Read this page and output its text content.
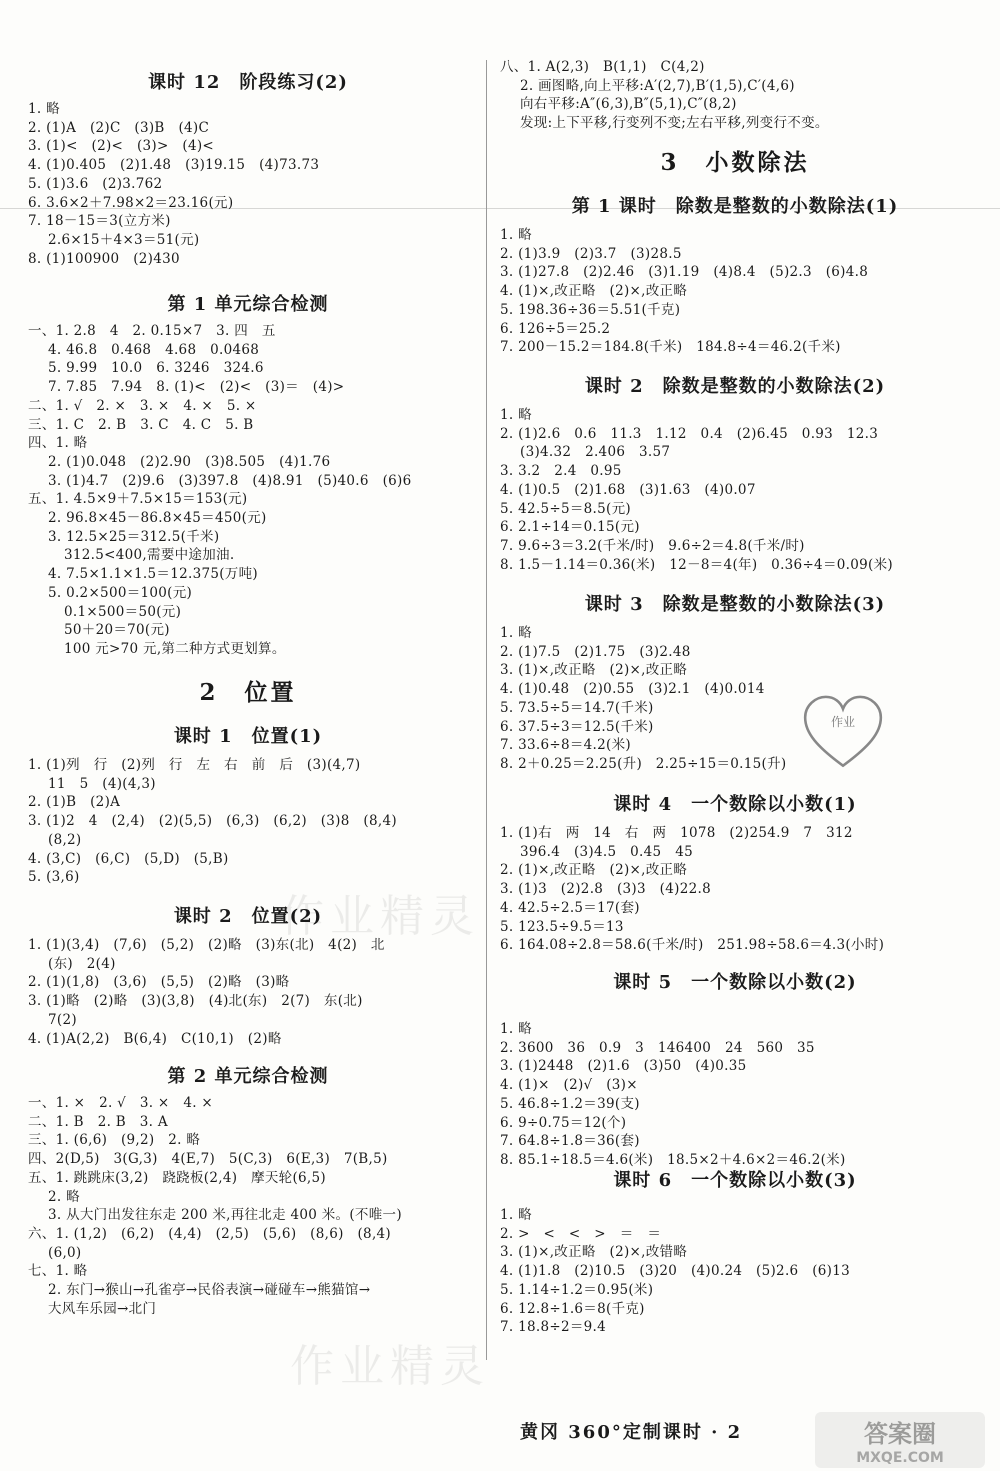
课时 12　阶段练习(2)
1. 略
2. (1)A　(2)C　(3)B　(4)C
3. (1)<　(2)<　(3)>　(4)<
4. (1)0.405　(2)1.48　(3)19.15　(4)73.73
5. (1)3.6　(2)3.762
6. 3.6×2＋7.98×2＝23.16(元)
7. 18－15＝3(立方米)
2.6×15＋4×3＝51(元)
8. (1)100900　(2)430
第 1 单元综合检测
一、1. 2.8　4　2. 0.15×7　3. 四　五
4. 46.8　0.468　4.68　0.0468
5. 9.99　10.0　6. 3246　324.6
7. 7.85　7.94　8. (1)<　(2)<　(3)＝　(4)>
二、1. √　2. ×　3. ×　4. ×　5. ×
三、1. C　2. B　3. C　4. C　5. B
四、1. 略
2. (1)0.048　(2)2.90　(3)8.505　(4)1.76
3. (1)4.7　(2)9.6　(3)397.8　(4)8.91　(5)40.6　(6)6
五、1. 4.5×9＋7.5×15＝153(元)
2. 96.8×45－86.8×45＝450(元)
3. 12.5×25＝312.5(千米)
312.5<400,需要中途加油.
4. 7.5×1.1×1.5＝12.375(万吨)
5. 0.2×500＝100(元)
0.1×500＝50(元)
50＋20＝70(元)
100 元>70 元,第二种方式更划算。
2　位置
课时 1　位置(1)
1. (1)列　行　(2)列　行　左　右　前　后　(3)(4,7)
11　5　(4)(4,3)
2. (1)B　(2)A
3. (1)2　4　(2,4)　(2)(5,5)　(6,3)　(6,2)　(3)8　(8,4)
(8,2)
4. (3,C)　(6,C)　(5,D)　(5,B)
5. (3,6)
课时 2　位置(2)
1. (1)(3,4)　(7,6)　(5,2)　(2)略　(3)东(北)　4(2)　北
(东)　2(4)
2. (1)(1,8)　(3,6)　(5,5)　(2)略　(3)略
3. (1)略　(2)略　(3)(3,8)　(4)北(东)　2(7)　东(北)
7(2)
4. (1)A(2,2)　B(6,4)　C(10,1)　(2)略
第 2 单元综合检测
一、1. ×　2. √　3. ×　4. ×
二、1. B　2. B　3. A
三、1. (6,6)　(9,2)　2. 略
四、2(D,5)　3(G,3)　4(E,7)　5(C,3)　6(E,3)　7(B,5)
五、1. 跳跳床(3,2)　跷跷板(2,4)　摩天轮(6,5)
2. 略
3. 从大门出发往东走 200 米,再往北走 400 米。(不唯一)
六、1. (1,2)　(6,2)　(4,4)　(2,5)　(5,6)　(8,6)　(8,4)
(6,0)
七、1. 略
2. 东门→猴山→孔雀亭→民俗表演→碰碰车→熊猫馆→
大风车乐园→北门
八、1. A(2,3)　B(1,1)　C(4,2)
2. 画图略,向上平移:A′(2,7),B′(1,5),C′(4,6)
向右平移:A″(6,3),B″(5,1),C″(8,2)
发现:上下平移,行变列不变;左右平移,列变行不变。
3　小数除法
第 1 课时　除数是整数的小数除法(1)
1. 略
2. (1)3.9　(2)3.7　(3)28.5
3. (1)27.8　(2)2.46　(3)1.19　(4)8.4　(5)2.3　(6)4.8
4. (1)×,改正略　(2)×,改正略
5. 198.36÷36＝5.51(千克)
6. 126÷5＝25.2
7. 200－15.2＝184.8(千米)　184.8÷4＝46.2(千米)
课时 2　除数是整数的小数除法(2)
1. 略
2. (1)2.6　0.6　11.3　1.12　0.4　(2)6.45　0.93　12.3
(3)4.32　2.406　3.57
3. 3.2　2.4　0.95
4. (1)0.5　(2)1.68　(3)1.63　(4)0.07
5. 42.5÷5＝8.5(元)
6. 2.1÷14＝0.15(元)
7. 9.6÷3＝3.2(千米/时)　9.6÷2＝4.8(千米/时)
8. 1.5－1.14＝0.36(米)　12－8＝4(年)　0.36÷4＝0.09(米)
课时 3　除数是整数的小数除法(3)
1. 略
2. (1)7.5　(2)1.75　(3)2.48
3. (1)×,改正略　(2)×,改正略
4. (1)0.48　(2)0.55　(3)2.1　(4)0.014
5. 73.5÷5＝14.7(千米)
6. 37.5÷3＝12.5(千米)
7. 33.6÷8＝4.2(米)
8. 2＋0.25＝2.25(升)　2.25÷15＝0.15(升)
课时 4　一个数除以小数(1)
1. (1)右　两　14　右　两　1078　(2)254.9　7　312
396.4　(3)4.5　0.45　45
2. (1)×,改正略　(2)×,改正略
3. (1)3　(2)2.8　(3)3　(4)22.8
4. 42.5÷2.5＝17(套)
5. 123.5÷9.5＝13
6. 164.08÷2.8＝58.6(千米/时)　251.98÷58.6＝4.3(小时)
课时 5　一个数除以小数(2)
1. 略
2. 3600　36　0.9　3　146400　24　560　35
3. (1)2448　(2)1.6　(3)50　(4)0.35
4. (1)×　(2)√　(3)×
5. 46.8÷1.2＝39(支)
6. 9÷0.75＝12(个)
7. 64.8÷1.8＝36(套)
8. 85.1÷18.5＝4.6(米)　18.5×2＋4.6×2＝46.2(米)
课时 6　一个数除以小数(3)
1. 略
2. >　<　<　>　＝　＝
3. (1)×,改正略　(2)×,改错略
4. (1)1.8　(2)10.5　(3)20　(4)0.24　(5)2.6　(6)13
5. 1.14÷1.2＝0.95(米)
6. 12.8÷1.6＝8(千克)
7. 18.8÷2＝9.4
作业精灵
作业精灵
作业
黄冈 360°定制课时 · 2	答案圈
MXQE.COM
